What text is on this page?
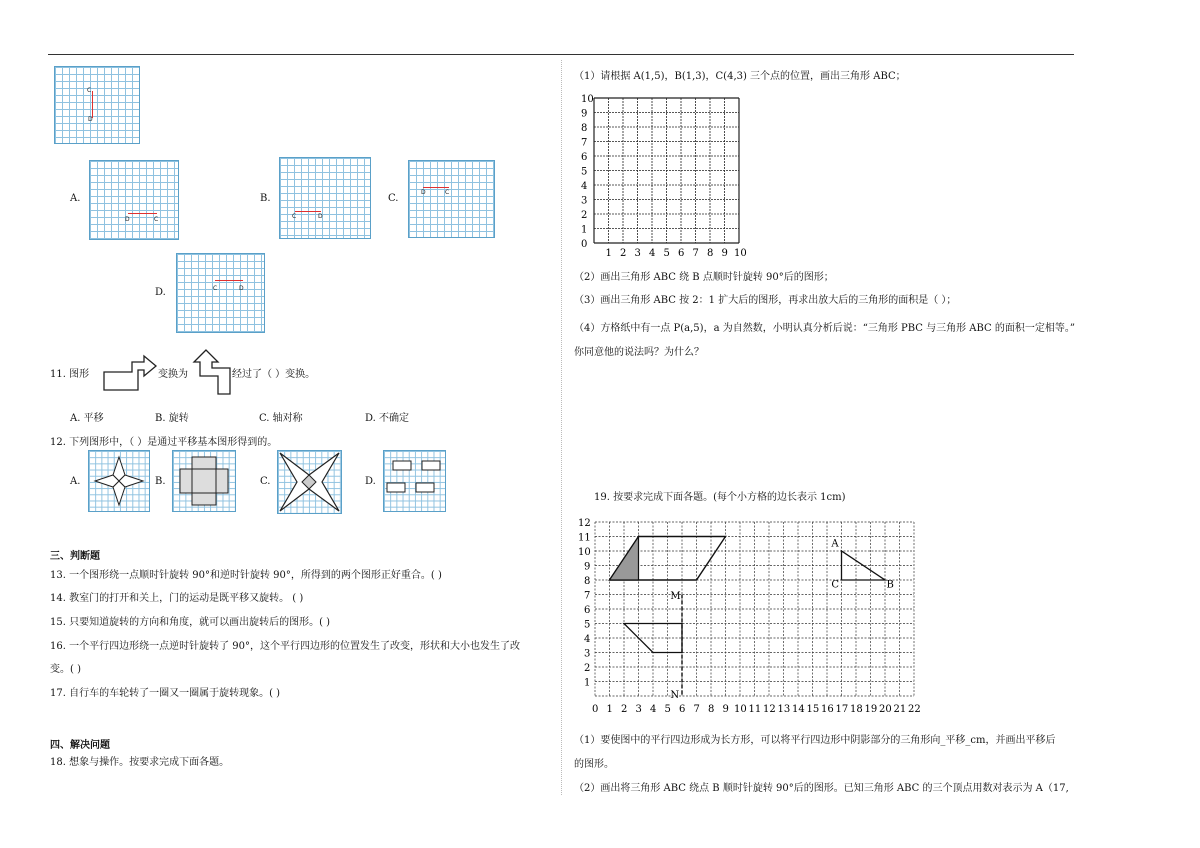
C
D
A.
D	C
B.
C	D
C.
D	C
D.	C	D
11. 图形	变换为	经过了（ ）变换。
A. 平移	B. 旋转	C. 轴对称	D. 不确定
12. 下列图形中，（ ）是通过平移基本图形得到的。
A.	B.	C.	D.
三、判断题
13. 一个图形绕一点顺时针旋转 90°和逆时针旋转 90°，所得到的两个图形正好重合。( )
14. 教室门的打开和关上，门的运动是既平移又旋转。 ( )
15. 只要知道旋转的方向和角度，就可以画出旋转后的图形。( )
16. 一个平行四边形绕一点逆时针旋转了 90°，这个平行四边形的位置发生了改变，形状和大小也发生了改
变。( )
17. 自行车的车轮转了一圈又一圈属于旋转现象。( )
四、解决问题
18. 想象与操作。按要求完成下面各题。
（1）请根据 A(1,5)，B(1,3)，C(4,3) 三个点的位置，画出三角形 ABC；
10
9
8
7
6
5
4
3
2
1
0
1 2 3 4 5 6 7 8 9 10
（2）画出三角形 ABC 绕 B 点顺时针旋转 90°后的图形；
（3）画出三角形 ABC 按 2：1 扩大后的图形，再求出放大后的三角形的面积是（ ）；
（4）方格纸中有一点 P(a,5)，a 为自然数，小明认真分析后说：“三角形 PBC 与三角形 ABC 的面积一定相等。”
你同意他的说法吗？为什么？
19. 按要求完成下面各题。(每个小方格的边长表示 1cm)
12
11
10
9
8
7
6
5
4
3
2
1
0 1 2 3 4 5 6 7 8 9 10 11 12 13 14 15 16 17 18 19 20 21 22
A
C	B
M
N
（1）要使图中的平行四边形成为长方形，可以将平行四边形中阴影部分的三角形向_平移_cm，并画出平移后
的图形。
（2）画出将三角形 ABC 绕点 B 顺时针旋转 90°后的图形。已知三角形 ABC 的三个顶点用数对表示为 A（17,
